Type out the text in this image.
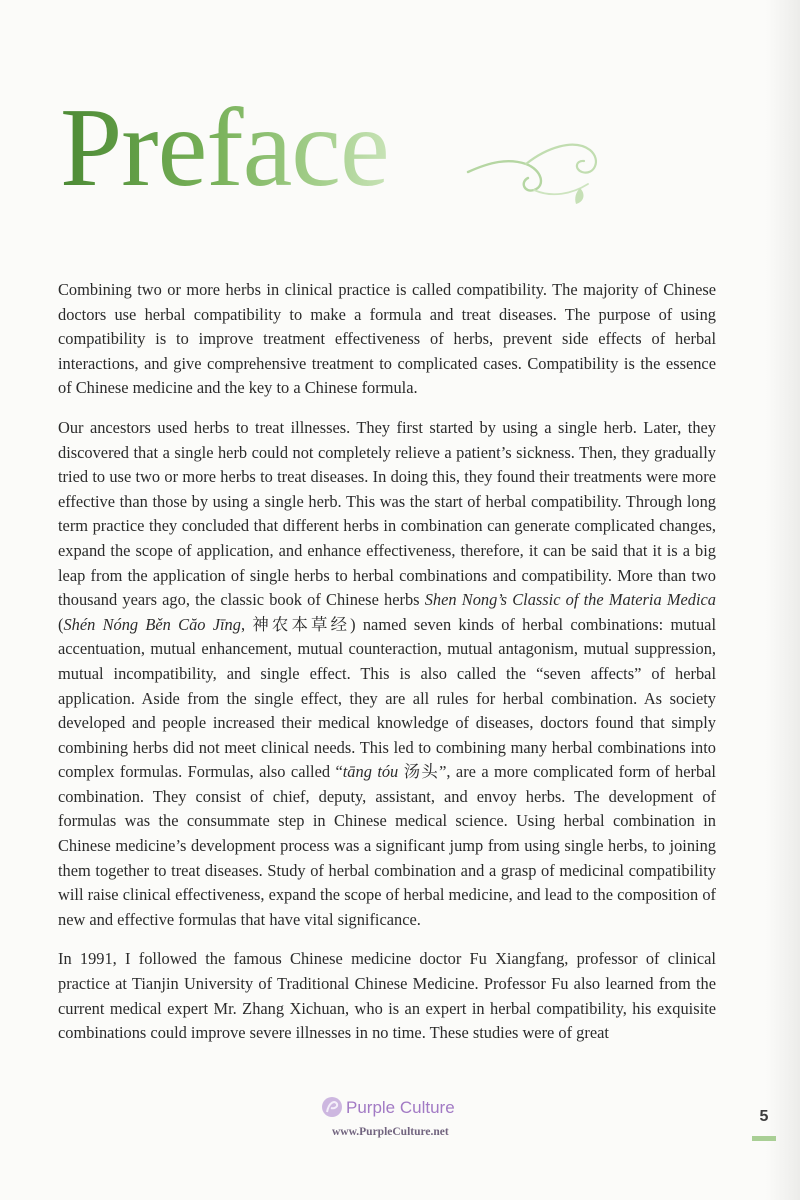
Preface

Combining two or more herbs in clinical practice is called compatibility. The majority of Chinese doctors use herbal compatibility to make a formula and treat diseases. The purpose of using compatibility is to improve treatment effectiveness of herbs, prevent side effects of herbal interactions, and give comprehensive treatment to complicated cases. Compatibility is the essence of Chinese medicine and the key to a Chinese formula.

Our ancestors used herbs to treat illnesses. They first started by using a single herb. Later, they discovered that a single herb could not completely relieve a patient’s sickness. Then, they gradually tried to use two or more herbs to treat diseases. In doing this, they found their treatments were more effective than those by using a single herb. This was the start of herbal compatibility. Through long term practice they concluded that different herbs in combination can generate complicated changes, expand the scope of application, and enhance effectiveness, therefore, it can be said that it is a big leap from the application of single herbs to herbal combinations and compatibility. More than two thousand years ago, the classic book of Chinese herbs Shen Nong’s Classic of the Materia Medica (Shén Nóng Běn Căo Jīng, 神农本草经) named seven kinds of herbal combinations: mutual accentuation, mutual enhancement, mutual counteraction, mutual antagonism, mutual suppression, mutual incompatibility, and single effect. This is also called the “seven affects” of herbal application. Aside from the single effect, they are all rules for herbal combination. As society developed and people increased their medical knowledge of diseases, doctors found that simply combining herbs did not meet clinical needs. This led to combining many herbal combinations into complex formulas. Formulas, also called “tāng tóu 汤头”, are a more complicated form of herbal combination. They consist of chief, deputy, assistant, and envoy herbs. The development of formulas was the consummate step in Chinese medical science. Using herbal combination in Chinese medicine’s development process was a significant jump from using single herbs, to joining them together to treat diseases. Study of herbal combination and a grasp of medicinal compatibility will raise clinical effectiveness, expand the scope of herbal medicine, and lead to the composition of new and effective formulas that have vital significance.

In 1991, I followed the famous Chinese medicine doctor Fu Xiangfang, professor of clinical practice at Tianjin University of Traditional Chinese Medicine. Professor Fu also learned from the current medical expert Mr. Zhang Xichuan, who is an expert in herbal compatibility, his exquisite combinations could improve severe illnesses in no time. These studies were of great

Purple Culture
www.PurpleCulture.net
5
